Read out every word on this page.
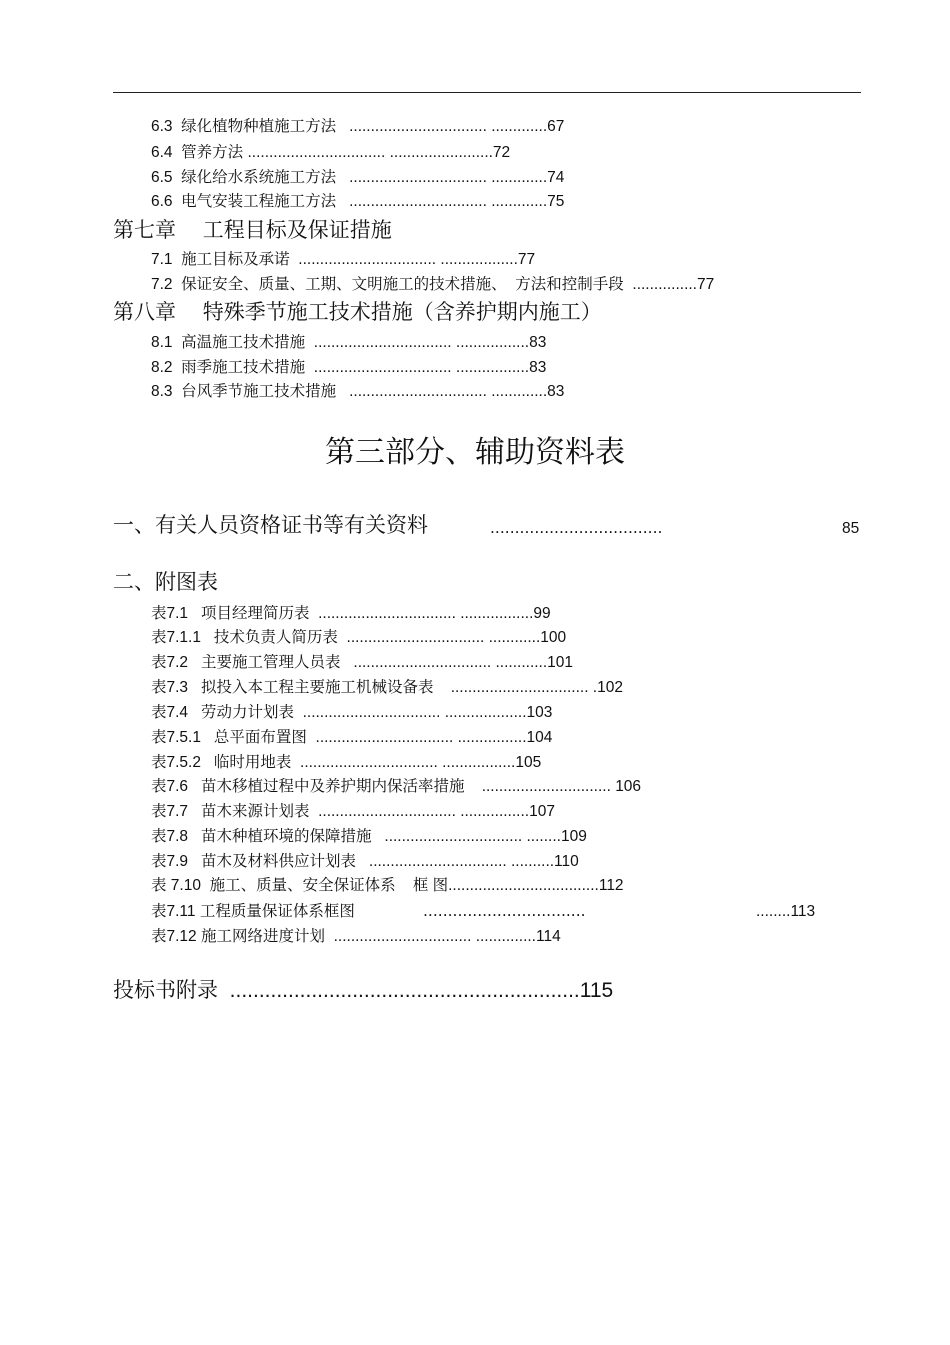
6.3  绿化植物种植施工方法   ................................ .............67
6.4  管养方法 ................................ ........................72
6.5  绿化给水系统施工方法   ................................ .............74
6.6  电气安装工程施工方法   ................................ .............75
第七章    工程目标及保证措施
7.1  施工目标及承诺  ................................ ..................77
7.2  保证安全、质量、工期、文明施工的技术措施、  方法和控制手段  ...............77
第八章    特殊季节施工技术措施（含养护期内施工）
8.1  高温施工技术措施  ................................ .................83
8.2  雨季施工技术措施  ................................ .................83
8.3  台风季节施工技术措施   ................................ .............83
第三部分、辅助资料表
一、有关人员资格证书等有关资料	...................................	85
二、附图表
表7.1   项目经理简历表  ................................ .................99
表7.1.1   技术负责人简历表  ................................ ............100
表7.2   主要施工管理人员表   ................................ ............101
表7.3   拟投入本工程主要施工机械设备表    ................................ .102
表7.4   劳动力计划表  ................................ ...................103
表7.5.1   总平面布置图  ................................ ................104
表7.5.2   临时用地表  ................................ .................105
表7.6   苗木移植过程中及养护期内保活率措施    .............................. 106
表7.7   苗木来源计划表  ................................ ................107
表7.8   苗木种植环境的保障措施   ................................ ........109
表7.9   苗木及材料供应计划表   ................................ ..........110
表 7.10  施工、质量、安全保证体系    框 图...................................112
表7.11 工程质量保证体系框图	.................................	........113
表7.12 施工网络进度计划  ................................ ..............114
投标书附录  ............................................................115
